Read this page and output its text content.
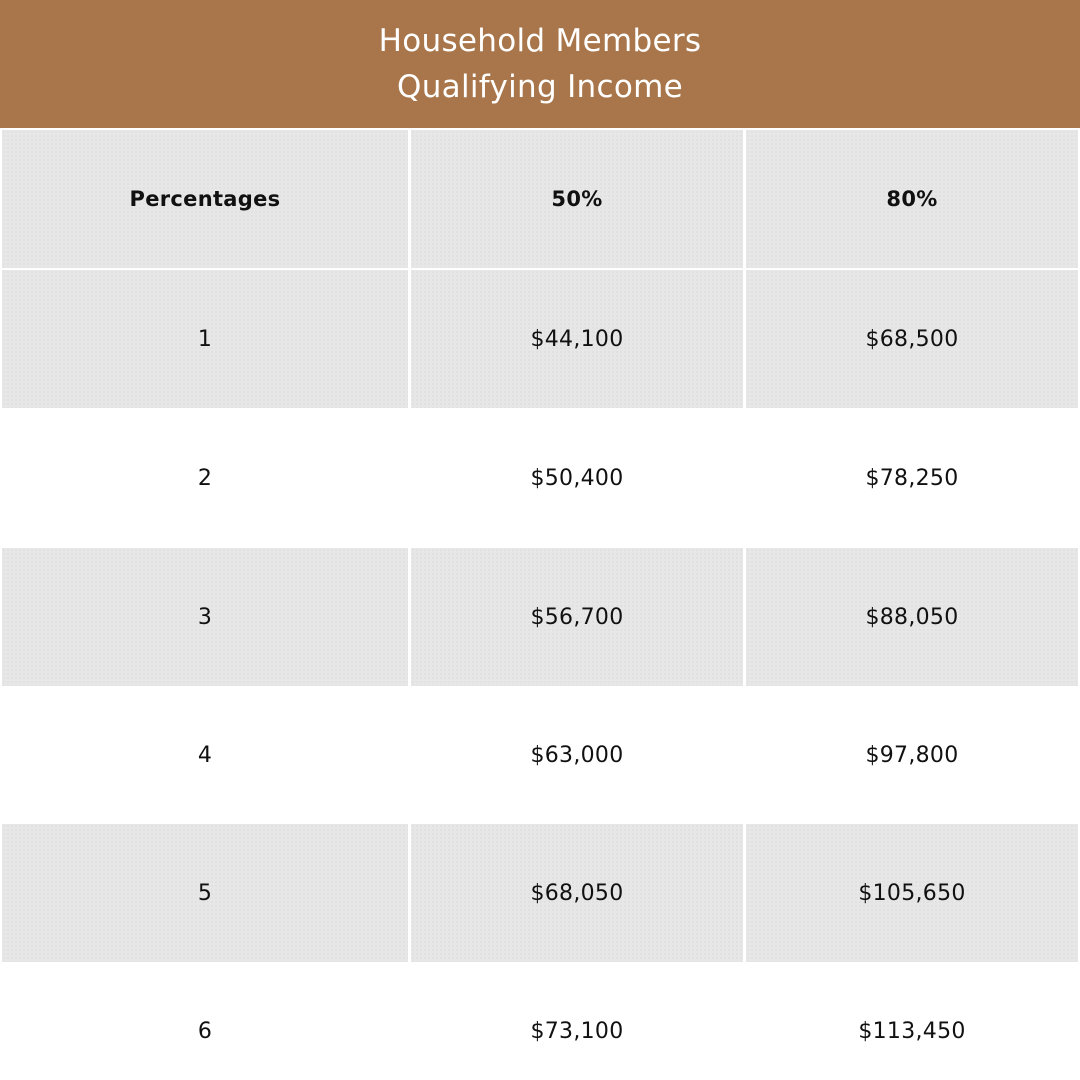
Household Members
Qualifying Income
Percentages	50%	80%
1	$44,100	$68,500
2	$50,400	$78,250
3	$56,700	$88,050
4	$63,000	$97,800
5	$68,050	$105,650
6	$73,100	$113,450
